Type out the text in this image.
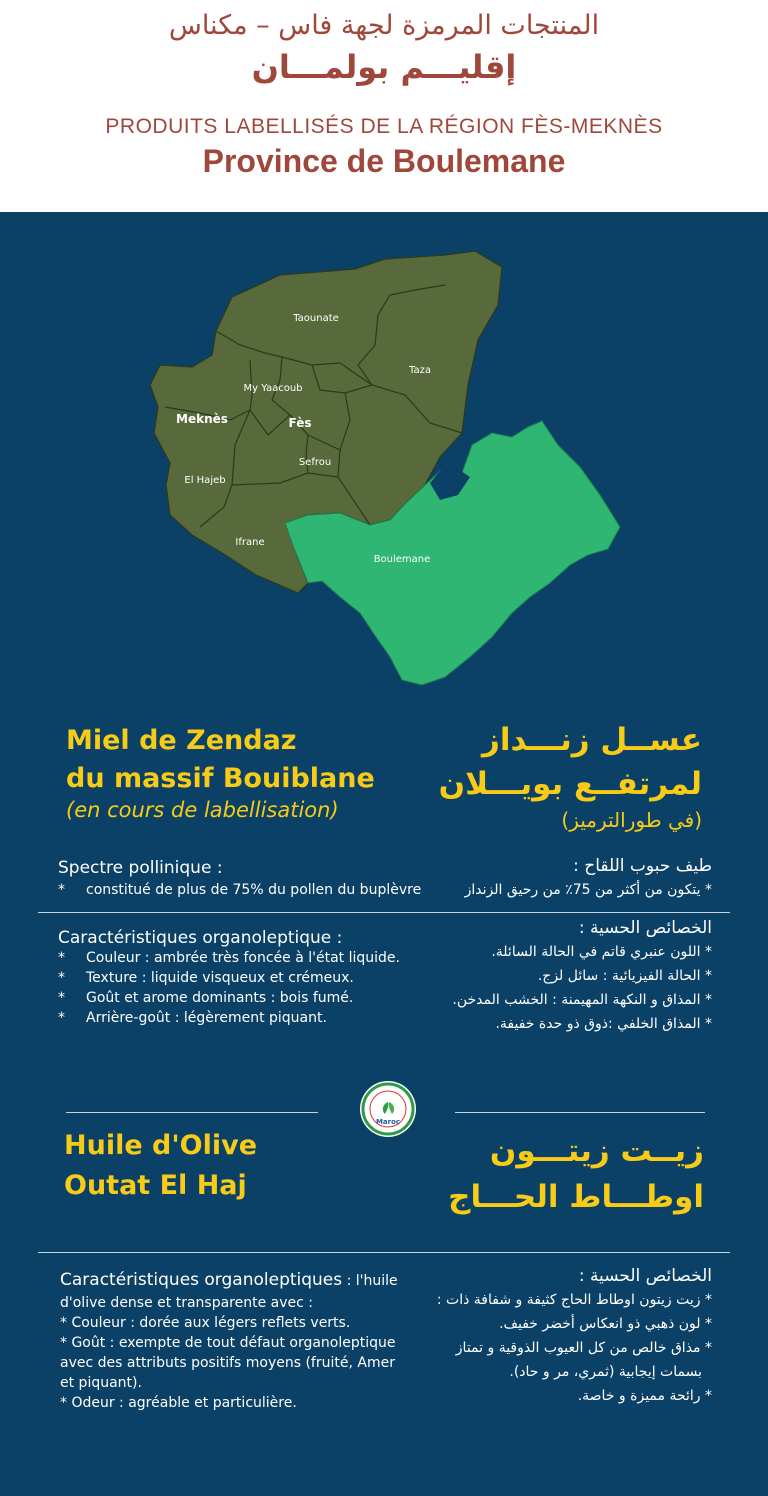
المنتجات المرمزة لجهة فاس – مكناس
إقليـــم بولمـــان
PRODUITS LABELLISÉS DE LA RÉGION FÈS-MEKNÈS
Province de Boulemane
Taounate
Taza
My Yaacoub
Meknès	Fès
Sefrou
El Hajeb
Ifrane
Boulemane
Miel de Zendaz
du massif Bouiblane
(en cours de labellisation)
عســل زنـــداز
لمرتفــع بويـــلان
(في طورالترميز)
Spectre pollinique :
* constitué de plus de 75% du pollen du buplèvre
طيف حبوب اللقاح :
* يتكون من أكثر من 75٪ من رحيق الزنداز
Caractéristiques organoleptique :
* Couleur : ambrée très foncée à l'état liquide.
* Texture : liquide visqueux et crémeux.
* Goût et arome dominants : bois fumé.
* Arrière-goût : légèrement piquant.
الخصائص الحسية :
* اللون عنبري قاتم في الحالة السائلة.
* الحالة الفيزيائية : سائل لزج.
* المذاق و النكهة المهيمنة : الخشب المدخن.
* المذاق الخلفي :ذوق ذو حدة خفيفة.
Maroc
Huile d'Olive
Outat El Haj
زيــت زيتـــون
اوطـــاط الحـــاج
Caractéristiques organoleptiques : l'huile
d'olive dense et transparente avec :
* Couleur : dorée aux légers reflets verts.
* Goût : exempte de tout défaut organoleptique
avec des attributs positifs moyens (fruité, Amer
et piquant).
* Odeur : agréable et particulière.
الخصائص الحسية :
* زيت زيتون اوطاط الحاج كثيفة و شفافة ذات :
* لون ذهبي ذو انعكاس أخضر خفيف.
* مذاق خالص من كل العيوب الذوقية و تمتاز
بسمات إيجابية (ثمري، مر و حاد).
* رائحة مميزة و خاصة.
